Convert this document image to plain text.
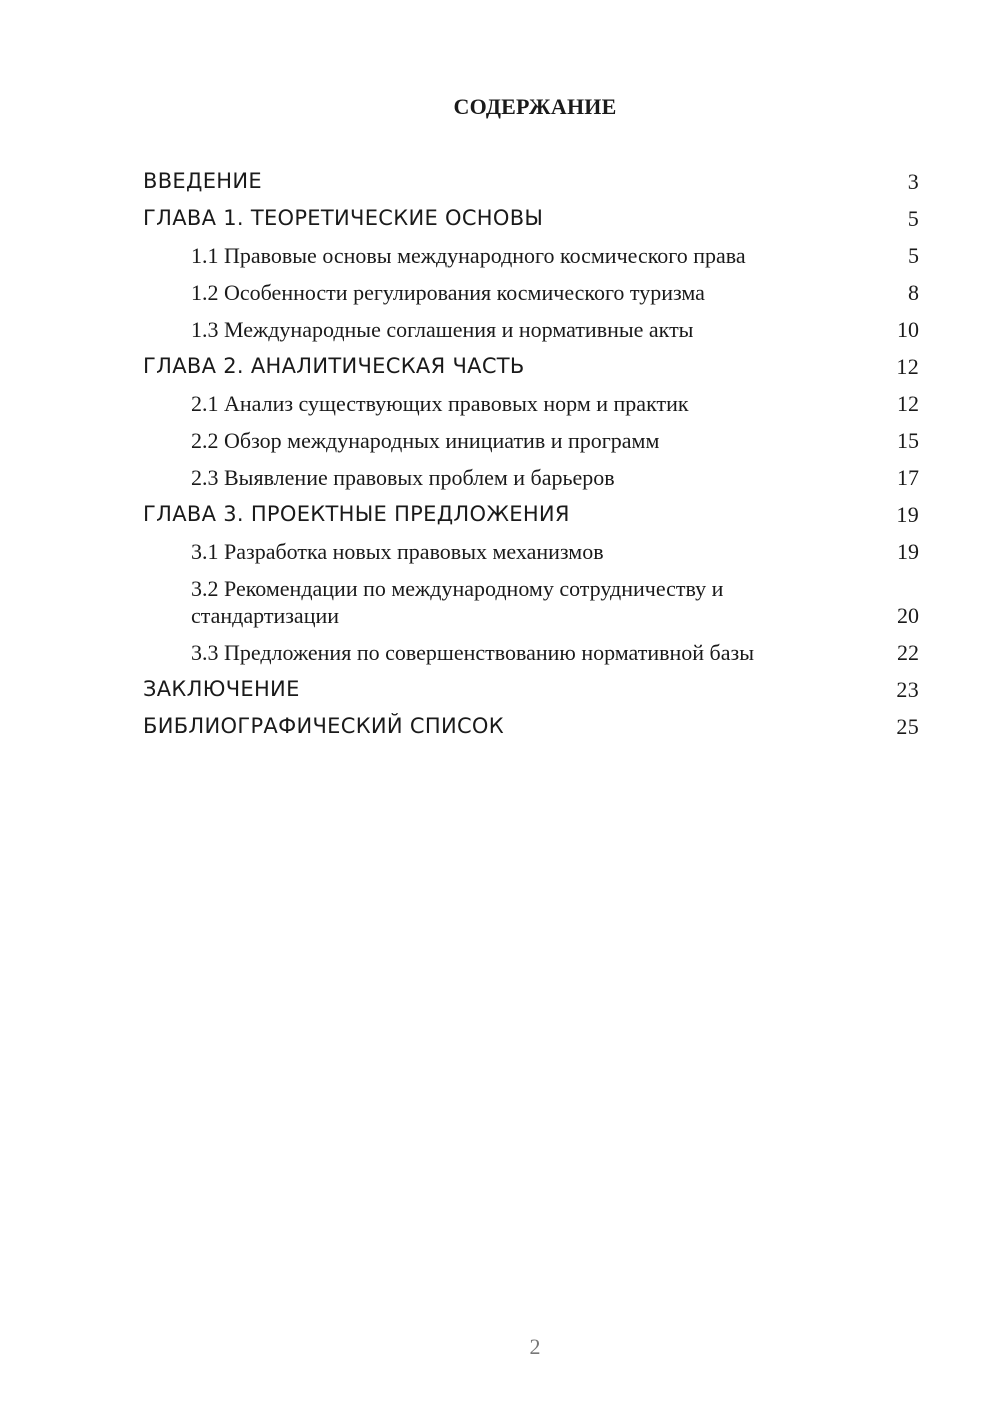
СОДЕРЖАНИЕ
ВВЕДЕНИЕ	3
ГЛАВА 1. ТЕОРЕТИЧЕСКИЕ ОСНОВЫ	5
1.1 Правовые основы международного космического права	5
1.2 Особенности регулирования космического туризма	8
1.3 Международные соглашения и нормативные акты	10
ГЛАВА 2. АНАЛИТИЧЕСКАЯ ЧАСТЬ	12
2.1 Анализ существующих правовых норм и практик	12
2.2 Обзор международных инициатив и программ	15
2.3 Выявление правовых проблем и барьеров	17
ГЛАВА 3. ПРОЕКТНЫЕ ПРЕДЛОЖЕНИЯ	19
3.1 Разработка новых правовых механизмов	19
3.2 Рекомендации по международному сотрудничеству и стандартизации	20
3.3 Предложения по совершенствованию нормативной базы	22
ЗАКЛЮЧЕНИЕ	23
БИБЛИОГРАФИЧЕСКИЙ СПИСОК	25
2
